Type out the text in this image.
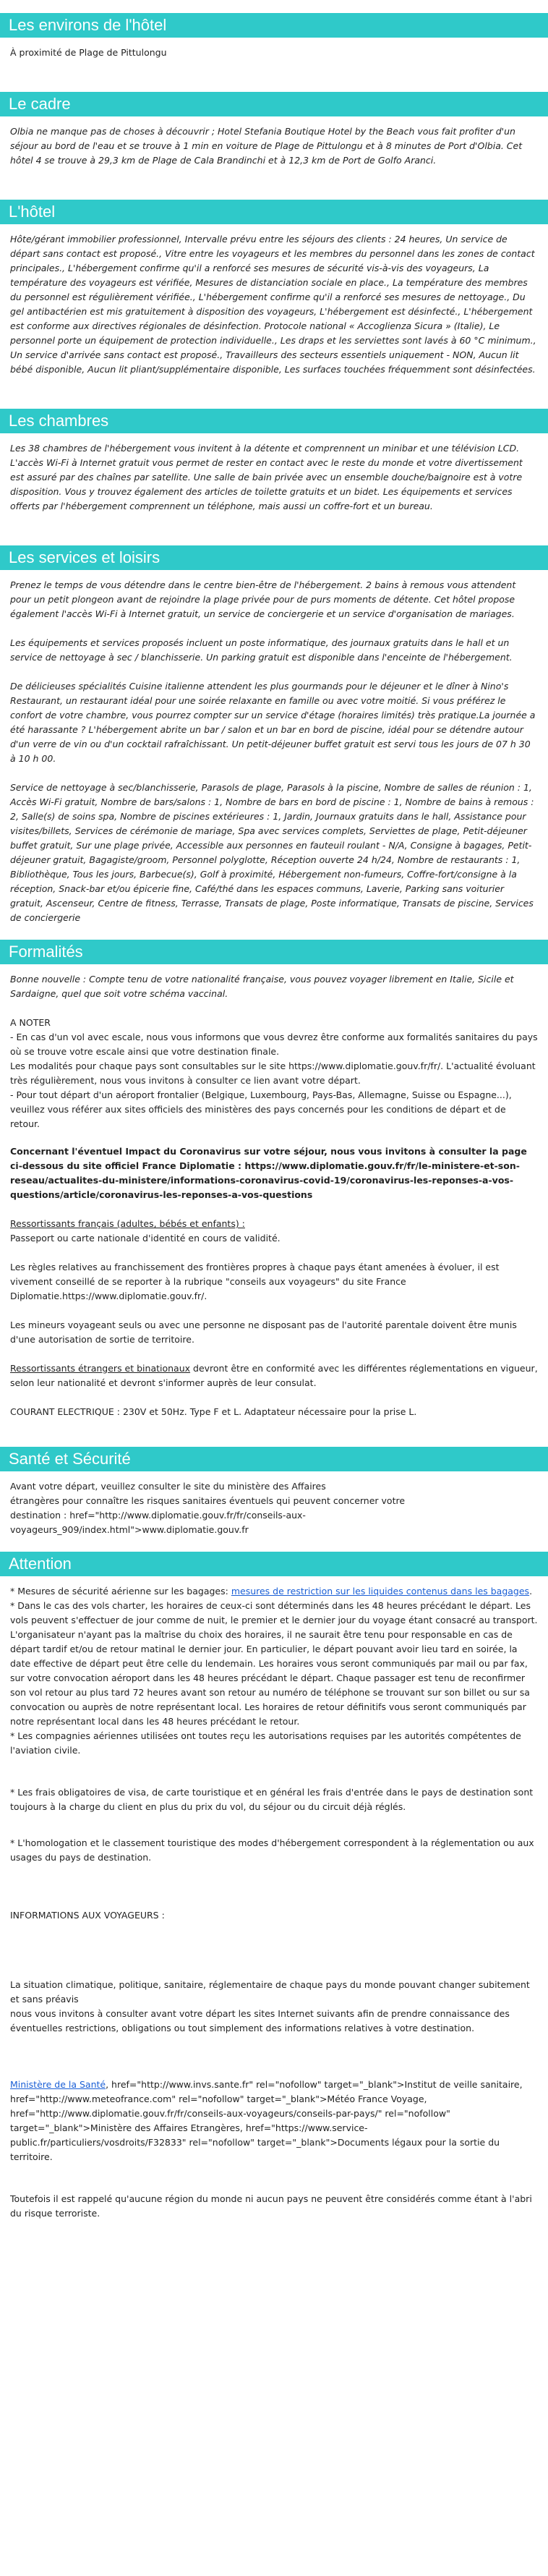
Les environs de l'hôtel

À proximité de Plage de Pittulongu

Le cadre

Olbia ne manque pas de choses à découvrir ; Hotel Stefania Boutique Hotel by the Beach vous fait profiter d'un séjour au bord de l'eau et se trouve à 1 min en voiture de Plage de Pittulongu et à 8 minutes de Port d'Olbia. Cet hôtel 4 se trouve à 29,3 km de Plage de Cala Brandinchi et à 12,3 km de Port de Golfo Aranci.

L'hôtel

Hôte/gérant immobilier professionnel, Intervalle prévu entre les séjours des clients : 24 heures, Un service de départ sans contact est proposé., Vitre entre les voyageurs et les membres du personnel dans les zones de contact principales., L'hébergement confirme qu'il a renforcé ses mesures de sécurité vis-à-vis des voyageurs, La température des voyageurs est vérifiée, Mesures de distanciation sociale en place., La température des membres du personnel est régulièrement vérifiée., L'hébergement confirme qu'il a renforcé ses mesures de nettoyage., Du gel antibactérien est mis gratuitement à disposition des voyageurs, L'hébergement est désinfecté., L'hébergement est conforme aux directives régionales de désinfection. Protocole national « Accoglienza Sicura » (Italie), Le personnel porte un équipement de protection individuelle., Les draps et les serviettes sont lavés à 60 °C minimum., Un service d'arrivée sans contact est proposé., Travailleurs des secteurs essentiels uniquement - NON, Aucun lit bébé disponible, Aucun lit pliant/supplémentaire disponible, Les surfaces touchées fréquemment sont désinfectées.

Les chambres

Les 38 chambres de l'hébergement vous invitent à la détente et comprennent un minibar et une télévision LCD. L'accès Wi-Fi à Internet gratuit vous permet de rester en contact avec le reste du monde et votre divertissement est assuré par des chaînes par satellite. Une salle de bain privée avec un ensemble douche/baignoire est à votre disposition. Vous y trouvez également des articles de toilette gratuits et un bidet. Les équipements et services offerts par l'hébergement comprennent un téléphone, mais aussi un coffre-fort et un bureau.

Les services et loisirs

Prenez le temps de vous détendre dans le centre bien-être de l'hébergement. 2 bains à remous vous attendent pour un petit plongeon avant de rejoindre la plage privée pour de purs moments de détente. Cet hôtel propose également l'accès Wi-Fi à Internet gratuit, un service de conciergerie et un service d'organisation de mariages.

Les équipements et services proposés incluent un poste informatique, des journaux gratuits dans le hall et un service de nettoyage à sec / blanchisserie. Un parking gratuit est disponible dans l'enceinte de l'hébergement.

De délicieuses spécialités Cuisine italienne attendent les plus gourmands pour le déjeuner et le dîner à Nino's Restaurant, un restaurant idéal pour une soirée relaxante en famille ou avec votre moitié. Si vous préférez le confort de votre chambre, vous pourrez compter sur un service d'étage (horaires limités) très pratique.La journée a été harassante ? L'hébergement abrite un bar / salon et un bar en bord de piscine, idéal pour se détendre autour d'un verre de vin ou d'un cocktail rafraîchissant. Un petit-déjeuner buffet gratuit est servi tous les jours de 07 h 30 à 10 h 00.

Service de nettoyage à sec/blanchisserie, Parasols de plage, Parasols à la piscine, Nombre de salles de réunion : 1, Accès Wi-Fi gratuit, Nombre de bars/salons : 1, Nombre de bars en bord de piscine : 1, Nombre de bains à remous : 2, Salle(s) de soins spa, Nombre de piscines extérieures : 1, Jardin, Journaux gratuits dans le hall, Assistance pour visites/billets, Services de cérémonie de mariage, Spa avec services complets, Serviettes de plage, Petit-déjeuner buffet gratuit, Sur une plage privée, Accessible aux personnes en fauteuil roulant - N/A, Consigne à bagages, Petit-déjeuner gratuit, Bagagiste/groom, Personnel polyglotte, Réception ouverte 24 h/24, Nombre de restaurants : 1, Bibliothèque, Tous les jours, Barbecue(s), Golf à proximité, Hébergement non-fumeurs, Coffre-fort/consigne à la réception, Snack-bar et/ou épicerie fine, Café/thé dans les espaces communs, Laverie, Parking sans voiturier gratuit, Ascenseur, Centre de fitness, Terrasse, Transats de plage, Poste informatique, Transats de piscine, Services de conciergerie

Formalités

Bonne nouvelle : Compte tenu de votre nationalité française, vous pouvez voyager librement en Italie, Sicile et Sardaigne, quel que soit votre schéma vaccinal.

A NOTER
- En cas d'un vol avec escale, nous vous informons que vous devrez être conforme aux formalités sanitaires du pays où se trouve votre escale ainsi que votre destination finale.
Les modalités pour chaque pays sont consultables sur le site https://www.diplomatie.gouv.fr/fr/. L'actualité évoluant très régulièrement, nous vous invitons à consulter ce lien avant votre départ.
- Pour tout départ d'un aéroport frontalier (Belgique, Luxembourg, Pays-Bas, Allemagne, Suisse ou Espagne...), veuillez vous référer aux sites officiels des ministères des pays concernés pour les conditions de départ et de retour.

Concernant l'éventuel Impact du Coronavirus sur votre séjour, nous vous invitons à consulter la page ci-dessous du site officiel France Diplomatie : https://www.diplomatie.gouv.fr/fr/le-ministere-et-son-reseau/actualites-du-ministere/informations-coronavirus-covid-19/coronavirus-les-reponses-a-vos-questions/article/coronavirus-les-reponses-a-vos-questions

Ressortissants français (adultes, bébés et enfants) :
Passeport ou carte nationale d'identité en cours de validité.

Les règles relatives au franchissement des frontières propres à chaque pays étant amenées à évoluer, il est vivement conseillé de se reporter à la rubrique "conseils aux voyageurs" du site France Diplomatie.https://www.diplomatie.gouv.fr/.

Les mineurs voyageant seuls ou avec une personne ne disposant pas de l'autorité parentale doivent être munis d'une autorisation de sortie de territoire.

Ressortissants étrangers et binationaux devront être en conformité avec les différentes réglementations en vigueur, selon leur nationalité et devront s'informer auprès de leur consulat.

COURANT ELECTRIQUE : 230V et 50Hz. Type F et L. Adaptateur nécessaire pour la prise L.

Santé et Sécurité

Avant votre départ, veuillez consulter le site du ministère des Affaires
étrangères pour connaître les risques sanitaires éventuels qui peuvent concerner votre
destination : href="http://www.diplomatie.gouv.fr/fr/conseils-aux-voyageurs_909/index.html">www.diplomatie.gouv.fr

Attention

* Mesures de sécurité aérienne sur les bagages: mesures de restriction sur les liquides contenus dans les bagages.

* Dans le cas des vols charter, les horaires de ceux-ci sont déterminés dans les 48 heures précédant le départ. Les vols peuvent s'effectuer de jour comme de nuit, le premier et le dernier jour du voyage étant consacré au transport. L'organisateur n'ayant pas la maîtrise du choix des horaires, il ne saurait être tenu pour responsable en cas de départ tardif et/ou de retour matinal le dernier jour. En particulier, le départ pouvant avoir lieu tard en soirée, la date effective de départ peut être celle du lendemain. Les horaires vous seront communiqués par mail ou par fax, sur votre convocation aéroport dans les 48 heures précédant le départ. Chaque passager est tenu de reconfirmer son vol retour au plus tard 72 heures avant son retour au numéro de téléphone se trouvant sur son billet ou sur sa convocation ou auprès de notre représentant local. Les horaires de retour définitifs vous seront communiqués par notre représentant local dans les 48 heures précédant le retour.

* Les compagnies aériennes utilisées ont toutes reçu les autorisations requises par les autorités compétentes de l'aviation civile.

* Les frais obligatoires de visa, de carte touristique et en général les frais d'entrée dans le pays de destination sont toujours à la charge du client en plus du prix du vol, du séjour ou du circuit déjà réglés.

* L'homologation et le classement touristique des modes d'hébergement correspondent à la réglementation ou aux usages du pays de destination.

INFORMATIONS AUX VOYAGEURS :

La situation climatique, politique, sanitaire, réglementaire de chaque pays du monde pouvant changer subitement et sans préavis
nous vous invitons à consulter avant votre départ les sites Internet suivants afin de prendre connaissance des éventuelles restrictions, obligations ou tout simplement des informations relatives à votre destination.

Ministère de la Santé, href="http://www.invs.sante.fr" rel="nofollow" target="_blank">Institut de veille sanitaire, href="http://www.meteofrance.com" rel="nofollow" target="_blank">Météo France Voyage, href="http://www.diplomatie.gouv.fr/fr/conseils-aux-voyageurs/conseils-par-pays/" rel="nofollow" target="_blank">Ministère des Affaires Etrangères, href="https://www.service-public.fr/particuliers/vosdroits/F32833" rel="nofollow" target="_blank">Documents légaux pour la sortie du territoire.

Toutefois il est rappelé qu'aucune région du monde ni aucun pays ne peuvent être considérés comme étant à l'abri du risque terroriste.
